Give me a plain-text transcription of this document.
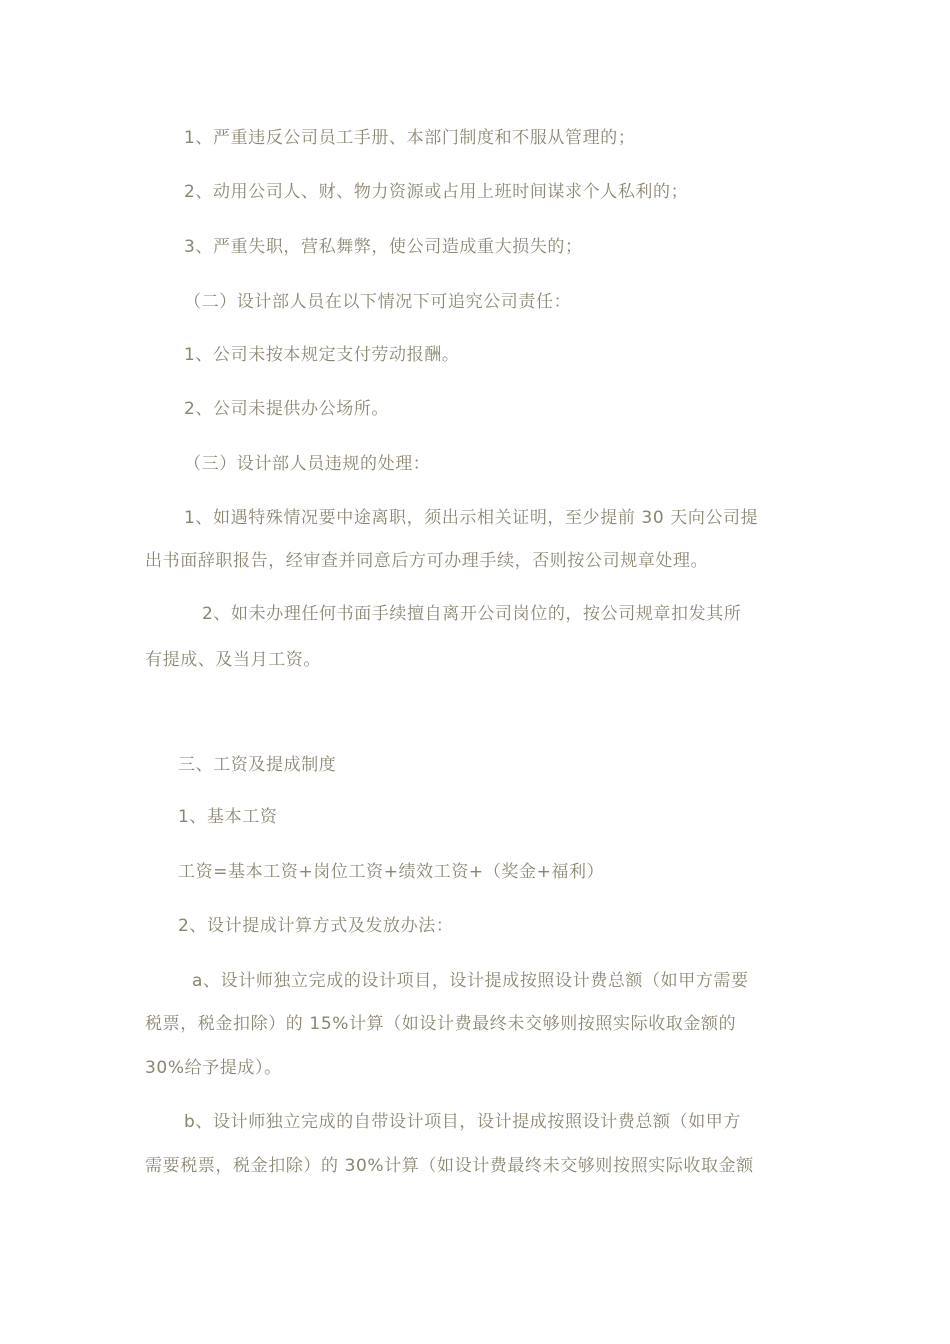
1、严重违反公司员工手册、本部门制度和不服从管理的；
2、动用公司人、财、物力资源或占用上班时间谋求个人私利的；
3、严重失职，营私舞弊，使公司造成重大损失的；
（二）设计部人员在以下情况下可追究公司责任：
1、公司未按本规定支付劳动报酬。
2、公司未提供办公场所。
（三）设计部人员违规的处理：
1、如遇特殊情况要中途离职，须出示相关证明，至少提前 30 天向公司提
出书面辞职报告，经审查并同意后方可办理手续，否则按公司规章处理。
2、如未办理任何书面手续擅自离开公司岗位的，按公司规章扣发其所
有提成、及当月工资。
三、工资及提成制度
1、基本工资
工资=基本工资+岗位工资+绩效工资+（奖金+福利）
2、设计提成计算方式及发放办法：
a、设计师独立完成的设计项目，设计提成按照设计费总额（如甲方需要
税票，税金扣除）的 15%计算（如设计费最终未交够则按照实际收取金额的
30%给予提成）。
b、设计师独立完成的自带设计项目，设计提成按照设计费总额（如甲方
需要税票，税金扣除）的 30%计算（如设计费最终未交够则按照实际收取金额
